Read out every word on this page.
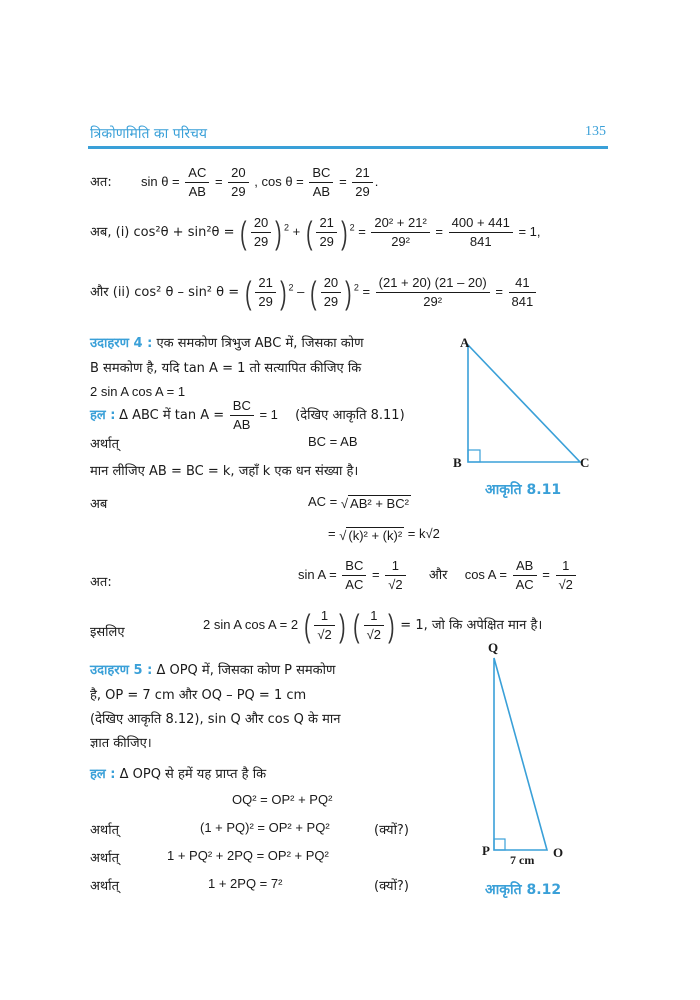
त्रिकोणमिति का परिचय	135
अत: $\sin \theta = \frac{AC}{AB} = \frac{20}{29}$ , $\cos \theta = \frac{BC}{AB} = \frac{21}{29}$ .
अब, (i) cos²θ + sin²θ = ( $\frac{20}{29}$ ) $^2$ + ( $\frac{21}{29}$ ) $^2 = \frac{\text{20² + 21²}}{\text{29²}} = \frac{400 + 441}{841} = 1$,
और (ii) cos² θ – sin² θ = ( $\frac{21}{29}$ ) $^2$ – ( $\frac{20}{29}$ ) $^2 = \frac{(21 + 20) (21 - 20)}{\text{29²}} = \frac{41}{841}$
उदाहरण 4 : एक समकोण त्रिभुज ABC में, जिसका कोण
B समकोण है, यदि tan A = 1 तो सत्यापित कीजिए कि
2 sin A cos A = 1
हल : Δ ABC में $\tan A = \frac{BC}{AB} = 1$ (देखिए आकृति 8.11)
अर्थात्	BC = AB
मान लीजिए AB = BC = k, जहाँ k एक धन संख्या है।
अब	AC = √ AB² + BC²
= √ (k)² + (k)² = k√2
अत:
$\sin A = \frac{BC}{AC} = \frac{1}{√2}$ और $\cos A = \frac{AB}{AC} = \frac{1}{√2}$
इसलिए
2 sin A cos A = 2 ( $\frac{1}{√2}$ ) ( $\frac{1}{√2}$ ) = 1, जो कि अपेक्षित मान है।
A
B	C
आकृति 8.11
उदाहरण 5 : Δ OPQ में, जिसका कोण P समकोण
है, OP = 7 cm और OQ – PQ = 1 cm
(देखिए आकृति 8.12), sin Q और cos Q के मान
ज्ञात कीजिए।
हल : Δ OPQ से हमें यह प्राप्त है कि
OQ² = OP² + PQ²
अर्थात्	(1 + PQ)² = OP² + PQ²	(क्यों?)
अर्थात्	1 + PQ² + 2PQ = OP² + PQ²
अर्थात्	1 + 2PQ = 7²	(क्यों?)
Q
P	O
7 cm
आकृति 8.12
